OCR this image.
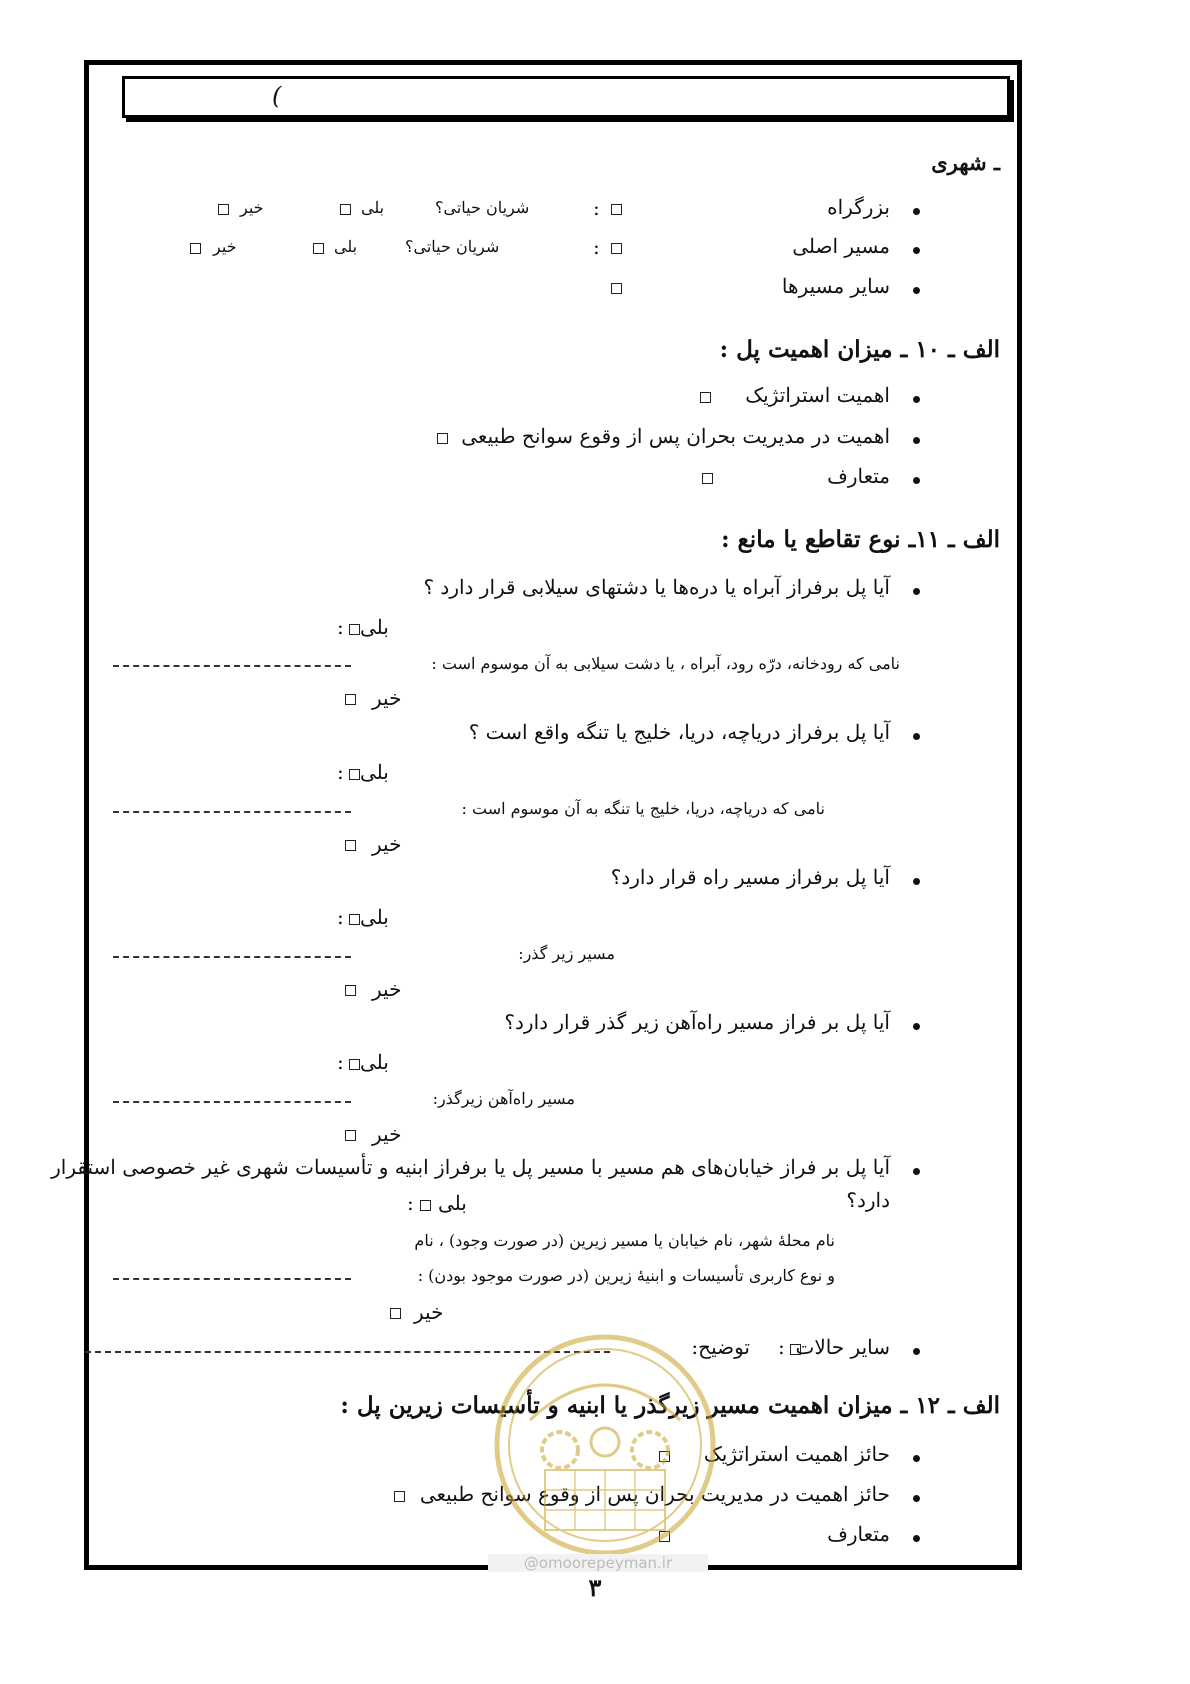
(
ـ شهری
بزرگراه
:
شریان حیاتی؟
بلی
خیر
مسیر اصلی
:
شریان حیاتی؟
بلی
خیر
سایر مسیرها
الف ـ ۱۰ ـ میزان اهمیت پل :
اهمیت استراتژیک
اهمیت در مدیریت بحران پس از وقوع سوانح طبیعی
متعارف
الف ـ ۱۱ـ نوع تقاطع یا مانع :
آیا پل برفراز آبراه یا درەها یا دشتهای سیلابی قرار دارد ؟
بلی
:
نامی که رودخانه، درّه رود، آبراه ، یا دشت سیلابی به آن موسوم است :
خیر
آیا پل برفراز دریاچه، دریا، خلیج یا تنگه واقع است ؟
بلی
:
نامی که دریاچه، دریا، خلیج یا تنگه به آن موسوم است :
خیر
آیا پل برفراز مسیر راه قرار دارد؟
بلی
:
مسیر زیر گذر:
خیر
آیا پل بر فراز مسیر راەآهن زیر گذر قرار دارد؟
بلی
:
مسیر راەآهن زیرگذر:
خیر
آیا پل بر فراز خیابان‌های هم مسیر با مسیر پل یا برفراز ابنیه و تأسیسات شهری غیر خصوصی استقرار
دارد؟
بلی
:
نام محلهٔ شهر، نام خیابان یا مسیر زیرین (در صورت وجود) ، نام
و نوع کاربری تأسیسات و ابنیهٔ زیرین (در صورت موجود بودن) :
خیر
سایر حالات
:
توضیح:
الف ـ ۱۲ ـ میزان اهمیت مسیر زیرگذر یا ابنیه و تأسیسات زیرین پل :
حائز اهمیت استراتژیک
حائز اهمیت در مدیریت بحران پس از وقوع سوانح طبیعی
متعارف
@omoorepeyman.ir
۳
